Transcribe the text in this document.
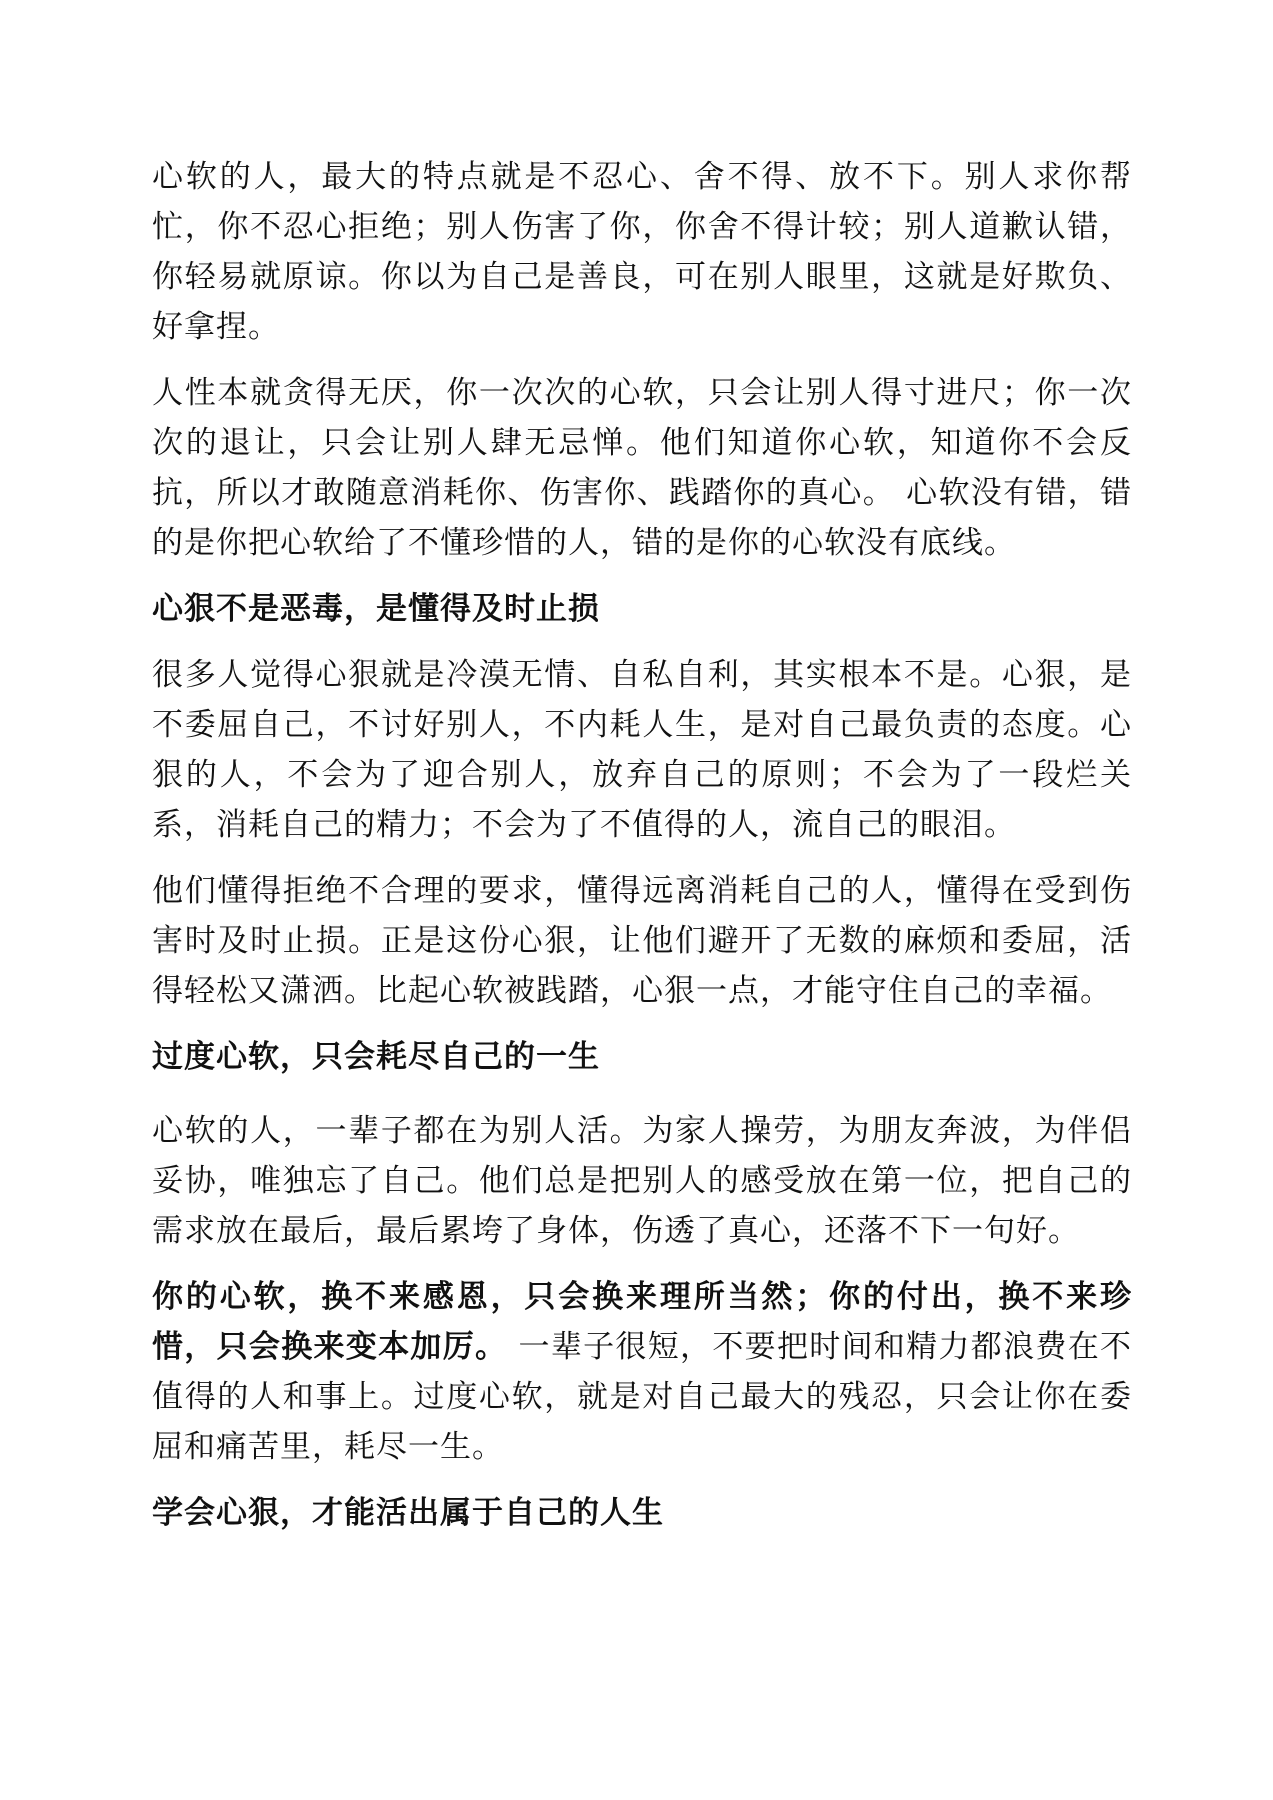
心软的人，最大的特点就是不忍心、舍不得、放不下。别人求你帮忙，你不忍心拒绝；别人伤害了你，你舍不得计较；别人道歉认错，你轻易就原谅。你以为自己是善良，可在别人眼里，这就是好欺负、好拿捏。

人性本就贪得无厌，你一次次的心软，只会让别人得寸进尺；你一次次的退让，只会让别人肆无忌惮。他们知道你心软，知道你不会反抗，所以才敢随意消耗你、伤害你、践踏你的真心。 心软没有错，错的是你把心软给了不懂珍惜的人，错的是你的心软没有底线。

心狠不是恶毒，是懂得及时止损

很多人觉得心狠就是冷漠无情、自私自利，其实根本不是。心狠，是不委屈自己，不讨好别人，不内耗人生，是对自己最负责的态度。心狠的人，不会为了迎合别人，放弃自己的原则；不会为了一段烂关系，消耗自己的精力；不会为了不值得的人，流自己的眼泪。

他们懂得拒绝不合理的要求，懂得远离消耗自己的人，懂得在受到伤害时及时止损。正是这份心狠，让他们避开了无数的麻烦和委屈，活得轻松又潇洒。比起心软被践踏，心狠一点，才能守住自己的幸福。

过度心软，只会耗尽自己的一生

心软的人，一辈子都在为别人活。为家人操劳，为朋友奔波，为伴侣妥协，唯独忘了自己。他们总是把别人的感受放在第一位，把自己的需求放在最后，最后累垮了身体，伤透了真心，还落不下一句好。

你的心软，换不来感恩，只会换来理所当然；你的付出，换不来珍惜，只会换来变本加厉。 一辈子很短，不要把时间和精力都浪费在不值得的人和事上。过度心软，就是对自己最大的残忍，只会让你在委屈和痛苦里，耗尽一生。

学会心狠，才能活出属于自己的人生
